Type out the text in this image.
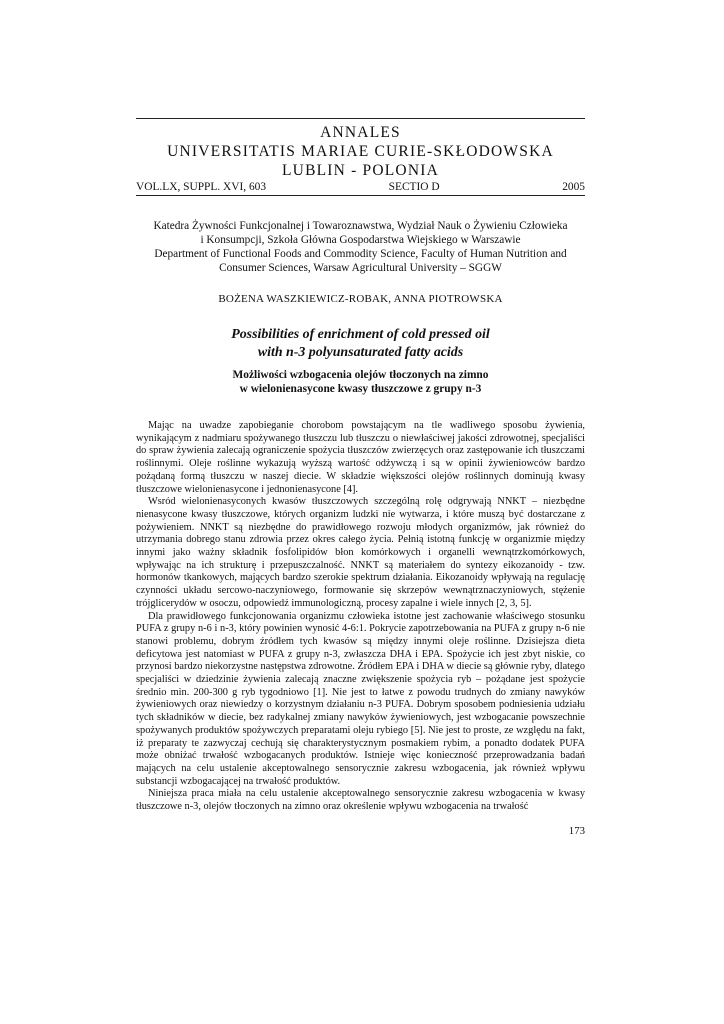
ANNALES
UNIVERSITATIS MARIAE CURIE-SKŁODOWSKA
LUBLIN - POLONIA
VOL.LX, SUPPL. XVI, 603	SECTIO D	2005
Katedra Żywności Funkcjonalnej i Towaroznawstwa, Wydział Nauk o Żywieniu Człowieka
i Konsumpcji, Szkoła Główna Gospodarstwa Wiejskiego w Warszawie
Department of Functional Foods and Commodity Science, Faculty of Human Nutrition and
Consumer Sciences, Warsaw Agricultural University – SGGW
BOŻENA WASZKIEWICZ-ROBAK, ANNA PIOTROWSKA
Possibilities of enrichment of cold pressed oil
with n-3 polyunsaturated fatty acids
Możliwości wzbogacenia olejów tłoczonych na zimno
w wielonienasycone kwasy tłuszczowe z grupy n-3

Mając na uwadze zapobieganie chorobom powstającym na tle wadliwego sposobu żywienia, wynikającym z nadmiaru spożywanego tłuszczu lub tłuszczu o niewłaściwej jakości zdrowotnej, specjaliści do spraw żywienia zalecają ograniczenie spożycia tłuszczów zwierzęcych oraz zastępowanie ich tłuszczami roślinnymi. Oleje roślinne wykazują wyższą wartość odżywczą i są w opinii żywieniowców bardzo pożądaną formą tłuszczu w naszej diecie. W składzie większości olejów roślinnych dominują kwasy tłuszczowe wielonienasycone i jednonienasycone [4].

Wsród wielonienasyconych kwasów tłuszczowych szczególną rolę odgrywają NNKT – niezbędne nienasycone kwasy tłuszczowe, których organizm ludzki nie wytwarza, i które muszą być dostarczane z pożywieniem. NNKT są niezbędne do prawidłowego rozwoju młodych organizmów, jak również do utrzymania dobrego stanu zdrowia przez okres całego życia. Pełnią istotną funkcję w organizmie między innymi jako ważny składnik fosfolipidów błon komórkowych i organelli wewnątrzkomórkowych, wpływając na ich strukturę i przepuszczalność. NNKT są materiałem do syntezy eikozanoidy - tzw. hormonów tkankowych, mających bardzo szerokie spektrum działania. Eikozanoidy wpływają na regulację czynności układu sercowo-naczyniowego, formowanie się skrzepów wewnątrznaczyniowych, stężenie trójglicerydów w osoczu, odpowiedź immunologiczną, procesy zapalne i wiele innych [2, 3, 5].

Dla prawidłowego funkcjonowania organizmu człowieka istotne jest zachowanie właściwego stosunku PUFA z grupy n-6 i n-3, który powinien wynosić 4-6:1. Pokrycie zapotrzebowania na PUFA z grupy n-6 nie stanowi problemu, dobrym źródłem tych kwasów są między innymi oleje roślinne. Dzisiejsza dieta deficytowa jest natomiast w PUFA z grupy n-3, zwłaszcza DHA i EPA. Spożycie ich jest zbyt niskie, co przynosi bardzo niekorzystne następstwa zdrowotne. Źródłem EPA i DHA w diecie są głównie ryby, dlatego specjaliści w dziedzinie żywienia zalecają znaczne zwiększenie spożycia ryb – pożądane jest spożycie średnio min. 200-300 g ryb tygodniowo [1]. Nie jest to łatwe z powodu trudnych do zmiany nawyków żywieniowych oraz niewiedzy o korzystnym działaniu n-3 PUFA. Dobrym sposobem podniesienia udziału tych składników w diecie, bez radykalnej zmiany nawyków żywieniowych, jest wzbogacanie powszechnie spożywanych produktów spożywczych preparatami oleju rybiego [5]. Nie jest to proste, ze względu na fakt, iż preparaty te zazwyczaj cechują się charakterystycznym posmakiem rybim, a ponadto dodatek PUFA może obniżać trwałość wzbogacanych produktów. Istnieje więc konieczność przeprowadzania badań mających na celu ustalenie akceptowalnego sensorycznie zakresu wzbogacenia, jak również wpływu substancji wzbogacającej na trwałość produktów.

Niniejsza praca miała na celu ustalenie akceptowalnego sensorycznie zakresu wzbogacenia w kwasy tłuszczowe n-3, olejów tłoczonych na zimno oraz określenie wpływu wzbogacenia na trwałość

173
